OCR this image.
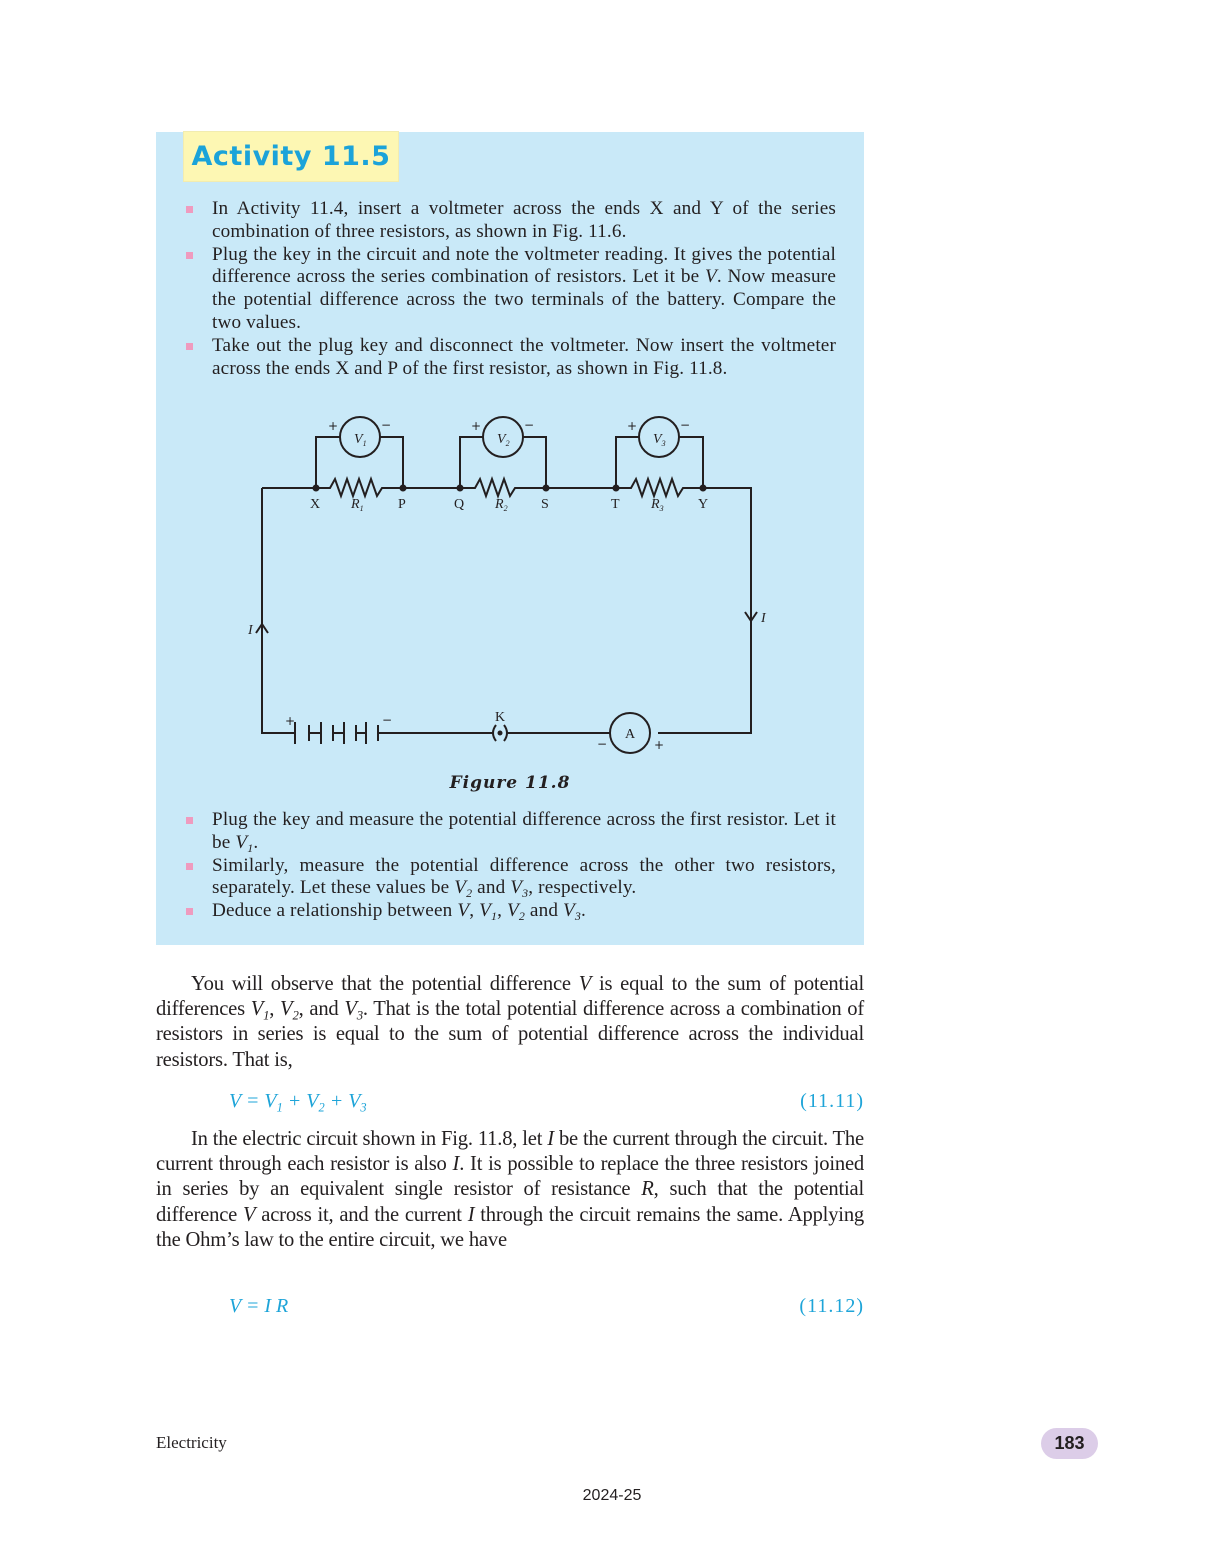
Activity 11.5
In Activity 11.4, insert a voltmeter across the ends X and Y of the series combination of three resistors, as shown in Fig. 11.6.
Plug the key in the circuit and note the voltmeter reading. It gives the potential difference across the series combination of resistors. Let it be V. Now measure the potential difference across the two terminals of the battery. Compare the two values.
Take out the plug key and disconnect the voltmeter. Now insert the voltmeter across the ends X and P of the first resistor, as shown in Fig. 11.8.
Plug the key and measure the potential difference across the first resistor. Let it be $V_1$.
Similarly, measure the potential difference across the other two resistors, separately. Let these values be $V_2$ and $V_3$, respectively.
Deduce a relationship between V, $V_1$, $V_2$ and $V_3$.
X $R_1$ P	Q $R_2$ S	T $R_3$ Y
$V_1$	$V_2$	$V_3$
+	−	+	−	+	−
I
I
+	−	K
A
−	+
Figure 11.8

You will observe that the potential difference V is equal to the sum of potential differences $V_1$, $V_2$, and $V_3$. That is the total potential difference across a combination of resistors in series is equal to the sum of potential difference across the individual resistors. That is,

$V = V_1 + V_2 + V_3$	(11.11)

In the electric circuit shown in Fig. 11.8, let I be the current through the circuit. The current through each resistor is also I. It is possible to replace the three resistors joined in series by an equivalent single resistor of resistance R, such that the potential difference V across it, and the current I through the circuit remains the same. Applying the Ohm’s law to the entire circuit, we have

V = I R	(11.12)
Electricity	183
2024-25
